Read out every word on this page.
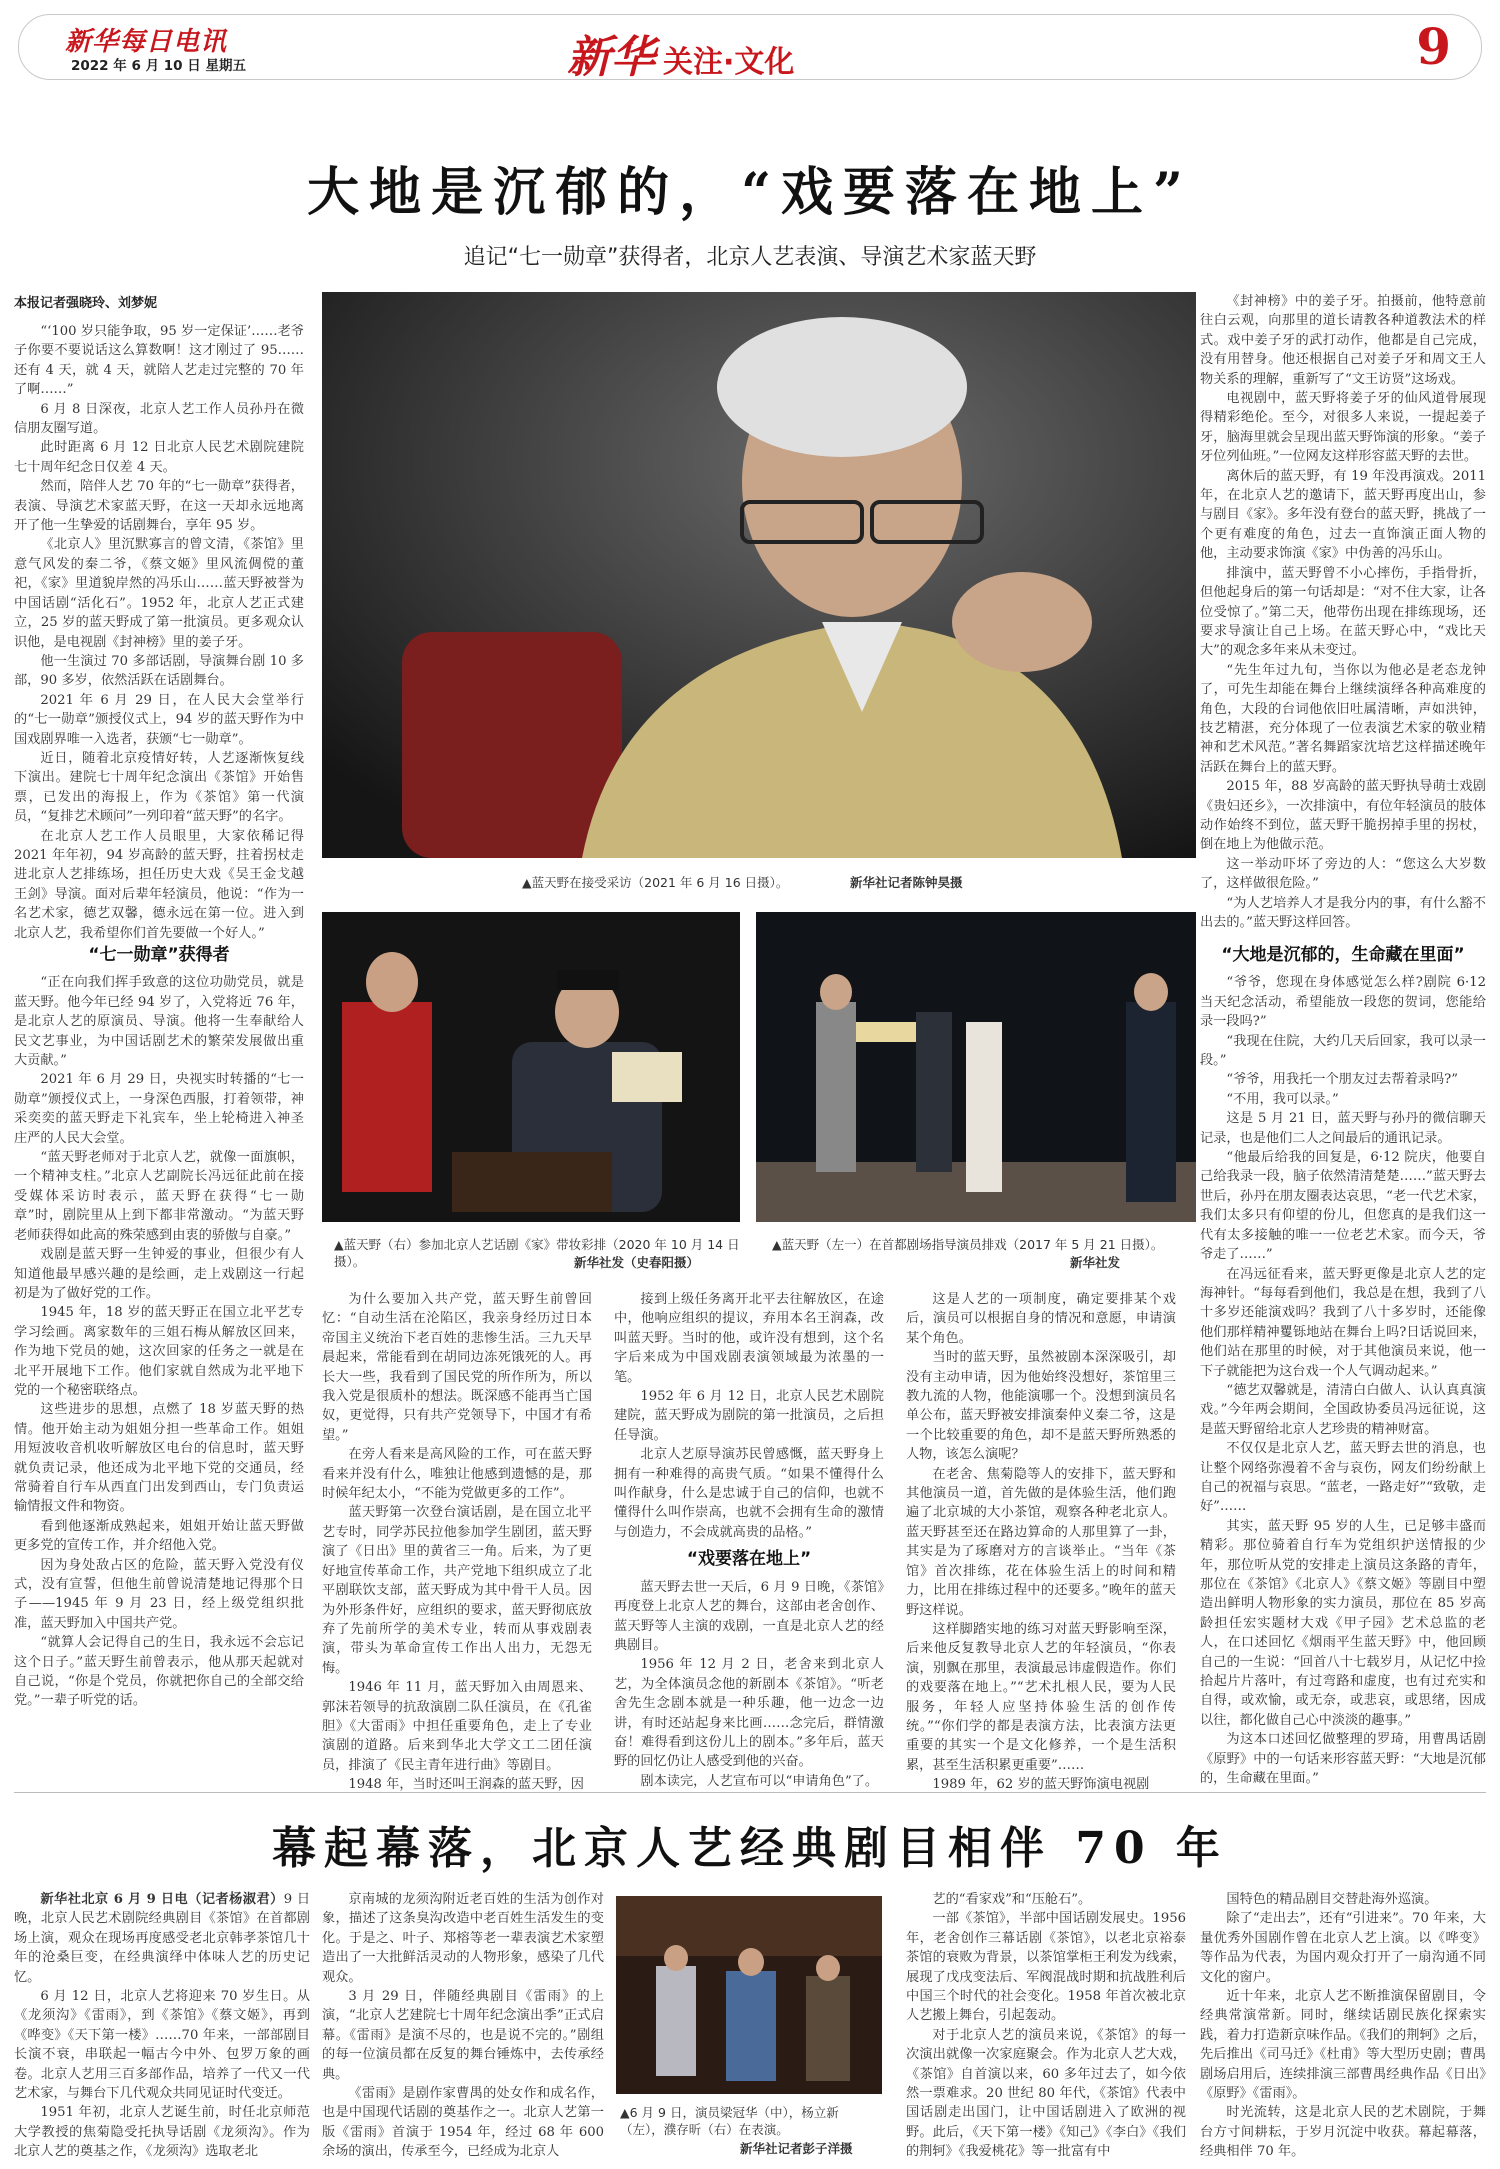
新华每日电讯
2022 年 6 月 10 日 星期五	新华 关注·文化	9
大地是沉郁的，“戏要落在地上”
追记“七一勋章”获得者，北京人艺表演、导演艺术家蓝天野
本报记者强晓玲、刘梦妮

“‘100 岁只能争取，95 岁一定保证’……老爷子你要不要说话这么算数啊！这才刚过了 95……还有 4 天，就 4 天，就陪人艺走过完整的 70 年了啊……”

6 月 8 日深夜，北京人艺工作人员孙丹在微信朋友圈写道。

此时距离 6 月 12 日北京人民艺术剧院建院七十周年纪念日仅差 4 天。

然而，陪伴人艺 70 年的“七一勋章”获得者，表演、导演艺术家蓝天野，在这一天却永远地离开了他一生挚爱的话剧舞台，享年 95 岁。

《北京人》里沉默寡言的曾文清，《茶馆》里意气风发的秦二爷，《蔡文姬》里风流倜傥的董祀，《家》里道貌岸然的冯乐山……蓝天野被誉为中国话剧“活化石”。1952 年，北京人艺正式建立，25 岁的蓝天野成了第一批演员。更多观众认识他，是电视剧《封神榜》里的姜子牙。

他一生演过 70 多部话剧，导演舞台剧 10 多部，90 多岁，依然活跃在话剧舞台。

2021 年 6 月 29 日，在人民大会堂举行的“七一勋章”颁授仪式上，94 岁的蓝天野作为中国戏剧界唯一入选者，获颁“七一勋章”。

近日，随着北京疫情好转，人艺逐渐恢复线下演出。建院七十周年纪念演出《茶馆》开始售票，已发出的海报上，作为《茶馆》第一代演员，“复排艺术顾问”一列印着“蓝天野”的名字。

在北京人艺工作人员眼里，大家依稀记得 2021 年年初，94 岁高龄的蓝天野，拄着拐杖走进北京人艺排练场，担任历史大戏《吴王金戈越王剑》导演。面对后辈年轻演员，他说：“作为一名艺术家，德艺双馨，德永远在第一位。进入到北京人艺，我希望你们首先要做一个好人。”

“七一勋章”获得者

“正在向我们挥手致意的这位功勋党员，就是蓝天野。他今年已经 94 岁了，入党将近 76 年，是北京人艺的原演员、导演。他将一生奉献给人民文艺事业，为中国话剧艺术的繁荣发展做出重大贡献。”

2021 年 6 月 29 日，央视实时转播的“七一勋章”颁授仪式上，一身深色西服，打着领带，神采奕奕的蓝天野走下礼宾车，坐上轮椅进入神圣庄严的人民大会堂。

“蓝天野老师对于北京人艺，就像一面旗帜，一个精神支柱。”北京人艺副院长冯远征此前在接受媒体采访时表示，蓝天野在获得“七一勋章”时，剧院里从上到下都非常激动。“为蓝天野老师获得如此高的殊荣感到由衷的骄傲与自豪。”

戏剧是蓝天野一生钟爱的事业，但很少有人知道他最早感兴趣的是绘画，走上戏剧这一行起初是为了做好党的工作。

1945 年，18 岁的蓝天野正在国立北平艺专学习绘画。离家数年的三姐石梅从解放区回来，作为地下党员的她，这次回家的任务之一就是在北平开展地下工作。他们家就自然成为北平地下党的一个秘密联络点。

这些进步的思想，点燃了 18 岁蓝天野的热情。他开始主动为姐姐分担一些革命工作。姐姐用短波收音机收听解放区电台的信息时，蓝天野就负责记录，他还成为北平地下党的交通员，经常骑着自行车从西直门出发到西山，专门负责运输情报文件和物资。

看到他逐渐成熟起来，姐姐开始让蓝天野做更多党的宣传工作，并介绍他入党。

因为身处敌占区的危险，蓝天野入党没有仪式，没有宣誓，但他生前曾说清楚地记得那个日子——1945 年 9 月 23 日，经上级党组织批准，蓝天野加入中国共产党。

“就算人会记得自己的生日，我永远不会忘记这个日子。”蓝天野生前曾表示，他从那天起就对自己说，“你是个党员，你就把你自己的全部交给党。”一辈子听党的话。

▲蓝天野在接受采访（2021 年 6 月 16 日摄）。	新华社记者陈钟昊摄
▲蓝天野（右）参加北京人艺话剧《家》带妆彩排（2020 年 10 月 14 日摄）。	新华社发（史春阳摄）
▲蓝天野（左一）在首都剧场指导演员排戏（2017 年 5 月 21 日摄）。
新华社发

为什么要加入共产党，蓝天野生前曾回忆：“自动生活在沦陷区，我亲身经历过日本帝国主义统治下老百姓的悲惨生活。三九天早晨起来，常能看到在胡同边冻死饿死的人。再长大一些，我看到了国民党的所作所为，所以我入党是很质朴的想法。既深感不能再当亡国奴，更觉得，只有共产党领导下，中国才有希望。”

在旁人看来是高风险的工作，可在蓝天野看来并没有什么，唯独让他感到遗憾的是，那时候年纪太小，“不能为党做更多的工作”。

蓝天野第一次登台演话剧，是在国立北平艺专时，同学苏民拉他参加学生剧团，蓝天野演了《日出》里的黄省三一角。后来，为了更好地宣传革命工作，共产党地下组织成立了北平剧联饮支部，蓝天野成为其中骨干人员。因为外形条件好，应组织的要求，蓝天野彻底放弃了先前所学的美术专业，转而从事戏剧表演，带头为革命宣传工作出人出力，无怨无悔。

1946 年 11 月，蓝天野加入由周恩来、郭沫若领导的抗敌演剧二队任演员，在《孔雀胆》《大雷雨》中担任重要角色，走上了专业演剧的道路。后来到华北大学文工二团任演员，排演了《民主青年进行曲》等剧目。

1948 年，当时还叫王润森的蓝天野，因

接到上级任务离开北平去往解放区，在途中，他响应组织的提议，弃用本名王润森，改叫蓝天野。当时的他，或许没有想到，这个名字后来成为中国戏剧表演领域最为浓墨的一笔。

1952 年 6 月 12 日，北京人民艺术剧院建院，蓝天野成为剧院的第一批演员，之后担任导演。

北京人艺原导演苏民曾感慨，蓝天野身上拥有一种难得的高贵气质。“如果不懂得什么叫作献身，什么是忠诚于自己的信仰，也就不懂得什么叫作崇高，也就不会拥有生命的激情与创造力，不会成就高贵的品格。”

“戏要落在地上”

蓝天野去世一天后，6 月 9 日晚，《茶馆》再度登上北京人艺的舞台，这部由老舍创作、蓝天野等人主演的戏剧，一直是北京人艺的经典剧目。

1956 年 12 月 2 日，老舍来到北京人艺，为全体演员念他的新剧本《茶馆》。“听老舍先生念剧本就是一种乐趣，他一边念一边讲，有时还站起身来比画……念完后，群情激奋！难得看到这份儿上的剧本。”多年后，蓝天野的回忆仍让人感受到他的兴奋。

剧本读完，人艺宣布可以“申请角色”了。

这是人艺的一项制度，确定要排某个戏后，演员可以根据自身的情况和意愿，申请演某个角色。

当时的蓝天野，虽然被剧本深深吸引，却没有主动申请，因为他始终没想好，茶馆里三教九流的人物，他能演哪一个。没想到演员名单公布，蓝天野被安排演秦仲义秦二爷，这是一个比较重要的角色，却不是蓝天野所熟悉的人物，该怎么演呢？

在老舍、焦菊隐等人的安排下，蓝天野和其他演员一道，首先做的是体验生活，他们跑遍了北京城的大小茶馆，观察各种老北京人。蓝天野甚至还在路边算命的人那里算了一卦，其实是为了琢磨对方的言谈举止。“当年《茶馆》首次排练，花在体验生活上的时间和精力，比用在排练过程中的还要多。”晚年的蓝天野这样说。

这样脚踏实地的练习对蓝天野影响至深，后来他反复教导北京人艺的年轻演员，“你表演，别飘在那里，表演最忌讳虚假造作。你们的戏要落在地上。”“艺术扎根人民，要为人民服务，年轻人应坚持体验生活的创作传统。”“你们学的都是表演方法，比表演方法更重要的其实一个是文化修养，一个是生活积累，甚至生活积累更重要”……

1989 年，62 岁的蓝天野饰演电视剧

《封神榜》中的姜子牙。拍摄前，他特意前往白云观，向那里的道长请教各种道教法术的样式。戏中姜子牙的武打动作，他都是自己完成，没有用替身。他还根据自己对姜子牙和周文王人物关系的理解，重新写了“文王访贤”这场戏。

电视剧中，蓝天野将姜子牙的仙风道骨展现得精彩绝伦。至今，对很多人来说，一提起姜子牙，脑海里就会呈现出蓝天野饰演的形象。“姜子牙位列仙班。”一位网友这样形容蓝天野的去世。

离休后的蓝天野，有 19 年没再演戏。2011 年，在北京人艺的邀请下，蓝天野再度出山，参与剧目《家》。多年没有登台的蓝天野，挑战了一个更有难度的角色，过去一直饰演正面人物的他，主动要求饰演《家》中伪善的冯乐山。

排演中，蓝天野曾不小心摔伤，手指骨折，但他起身后的第一句话却是：“对不住大家，让各位受惊了。”第二天，他带伤出现在排练现场，还要求导演让自己上场。在蓝天野心中，“戏比天大”的观念多年来从未变过。

“先生年过九旬，当你以为他必是老态龙钟了，可先生却能在舞台上继续演绎各种高难度的角色，大段的台词他依旧吐属清晰，声如洪钟，技艺精湛，充分体现了一位表演艺术家的敬业精神和艺术风范。”著名舞蹈家沈培艺这样描述晚年活跃在舞台上的蓝天野。

2015 年，88 岁高龄的蓝天野执导萌士戏剧《贵妇还乡》，一次排演中，有位年轻演员的肢体动作始终不到位，蓝天野干脆拐掉手里的拐杖，倒在地上为他做示范。

这一举动吓坏了旁边的人：“您这么大岁数了，这样做很危险。”

“为人艺培养人才是我分内的事，有什么豁不出去的。”蓝天野这样回答。

“大地是沉郁的，生命藏在里面”

“爷爷，您现在身体感觉怎么样?剧院 6·12 当天纪念活动，希望能放一段您的贺词，您能给录一段吗?”

“我现在住院，大约几天后回家，我可以录一段。”

“爷爷，用我托一个朋友过去帮着录吗?”

“不用，我可以录。”

这是 5 月 21 日，蓝天野与孙丹的微信聊天记录，也是他们二人之间最后的通讯记录。

“他最后给我的回复是，6·12 院庆，他要自己给我录一段，脑子依然清清楚楚……”蓝天野去世后，孙丹在朋友圈表达哀思，“老一代艺术家，我们太多只有仰望的份儿，但您真的是我们这一代有太多接触的唯一一位老艺术家。而今天，爷爷走了……”

在冯远征看来，蓝天野更像是北京人艺的定海神针。“每每看到他们，我总是在想，我到了八十多岁还能演戏吗？我到了八十多岁时，还能像他们那样精神矍铄地站在舞台上吗?日话说回来，他们站在那里的时候，对于其他演员来说，他一下子就能把为这台戏一个人气调动起来。”

“德艺双馨就是，清清白白做人、认认真真演戏。”今年两会期间，全国政协委员冯远征说，这是蓝天野留给北京人艺珍贵的精神财富。

不仅仅是北京人艺，蓝天野去世的消息，也让整个网络弥漫着不舍与哀伤，网友们纷纷献上自己的祝福与哀思。“蓝老，一路走好”“致敬，走好”……

其实，蓝天野 95 岁的人生，已足够丰盛而精彩。那位骑着自行车为党组织护送情报的少年，那位听从党的安排走上演员这条路的青年，那位在《茶馆》《北京人》《蔡文姬》等剧目中塑造出鲜明人物形象的实力演员，那位在 85 岁高龄担任宏实题材大戏《甲子园》艺术总监的老人，在口述回忆《烟雨平生蓝天野》中，他回顾自己的一生说：“回首八十七载岁月，从记忆中捡拾起片片落叶，有过弯路和虚度，也有过充实和自得，或欢愉，或无奈，或悲哀，或思绪，因成以往，都化做自己心中淡淡的趣事。”

为这本口述回忆做整理的罗琦，用曹禺话剧《原野》中的一句话来形容蓝天野：“大地是沉郁的，生命藏在里面。”

幕起幕落，北京人艺经典剧目相伴 70 年

新华社北京 6 月 9 日电（记者杨淑君）9 日晚，北京人民艺术剧院经典剧目《茶馆》在首都剧场上演，观众在现场再度感受老北京韩孝茶馆几十年的沧桑巨变，在经典演绎中体味人艺的历史记忆。

6 月 12 日，北京人艺将迎来 70 岁生日。从《龙须沟》《雷雨》，到《茶馆》《蔡文姬》，再到《哗变》《天下第一楼》……70 年来，一部部剧目长演不衰，串联起一幅古今中外、包罗万象的画卷。北京人艺用三百多部作品，培养了一代又一代艺术家，与舞台下几代观众共同见证时代变迁。

1951 年初，北京人艺诞生前，时任北京师范大学教授的焦菊隐受托执导话剧《龙须沟》。作为北京人艺的奠基之作，《龙须沟》选取老北

京南城的龙须沟附近老百姓的生活为创作对象，描述了这条臭沟改造中老百姓生活发生的变化。于是之、叶子、郑榕等老一辈表演艺术家塑造出了一大批鲜活灵动的人物形象，感染了几代观众。

3 月 29 日，伴随经典剧目《雷雨》的上演，“北京人艺建院七十周年纪念演出季”正式启幕。《雷雨》是演不尽的，也是说不完的。”剧组的每一位演员都在反复的舞台锤炼中，去传承经典。

《雷雨》是剧作家曹禺的处女作和成名作，也是中国现代话剧的奠基作之一。北京人艺第一版《雷雨》首演于 1954 年，经过 68 年 600 余场的演出，传承至今，已经成为北京人

▲6 月 9 日，演员梁冠华（中），杨立新（左），濮存昕（右）在表演。
新华社记者彭子洋摄

艺的“看家戏”和“压舱石”。

一部《茶馆》，半部中国话剧发展史。1956 年，老舍创作三幕话剧《茶馆》，以老北京裕泰茶馆的衰败为背景，以茶馆掌柜王利发为线索，展现了戊戌变法后、军阀混战时期和抗战胜利后中国三个时代的社会变化。1958 年首次被北京人艺搬上舞台，引起轰动。

对于北京人艺的演员来说，《茶馆》的每一次演出就像一次家庭聚会。作为北京人艺大戏，《茶馆》自首演以来，60 多年过去了，如今依然一票难求。20 世纪 80 年代，《茶馆》代表中国话剧走出国门，让中国话剧进入了欧洲的视野。此后，《天下第一楼》《知己》《李白》《我们的荆轲》《我爱桃花》等一批富有中

国特色的精品剧目交替赴海外巡演。

除了“走出去”，还有“引进来”。70 年来，大量优秀外国剧作曾在北京人艺上演。以《哗变》等作品为代表，为国内观众打开了一扇沟通不同文化的窗户。

近十年来，北京人艺不断推演保留剧目，令经典常演常新。同时，继续话剧民族化探索实践，着力打造新京味作品。《我们的荆轲》之后，先后推出《司马迁》《杜甫》等大型历史剧；曹禺剧场启用后，连续排演三部曹禺经典作品《日出》《原野》《雷雨》。

时光流转，这是北京人民的艺术剧院，于舞台方寸间耕耘，于岁月沉淀中收获。幕起幕落，经典相伴 70 年。
